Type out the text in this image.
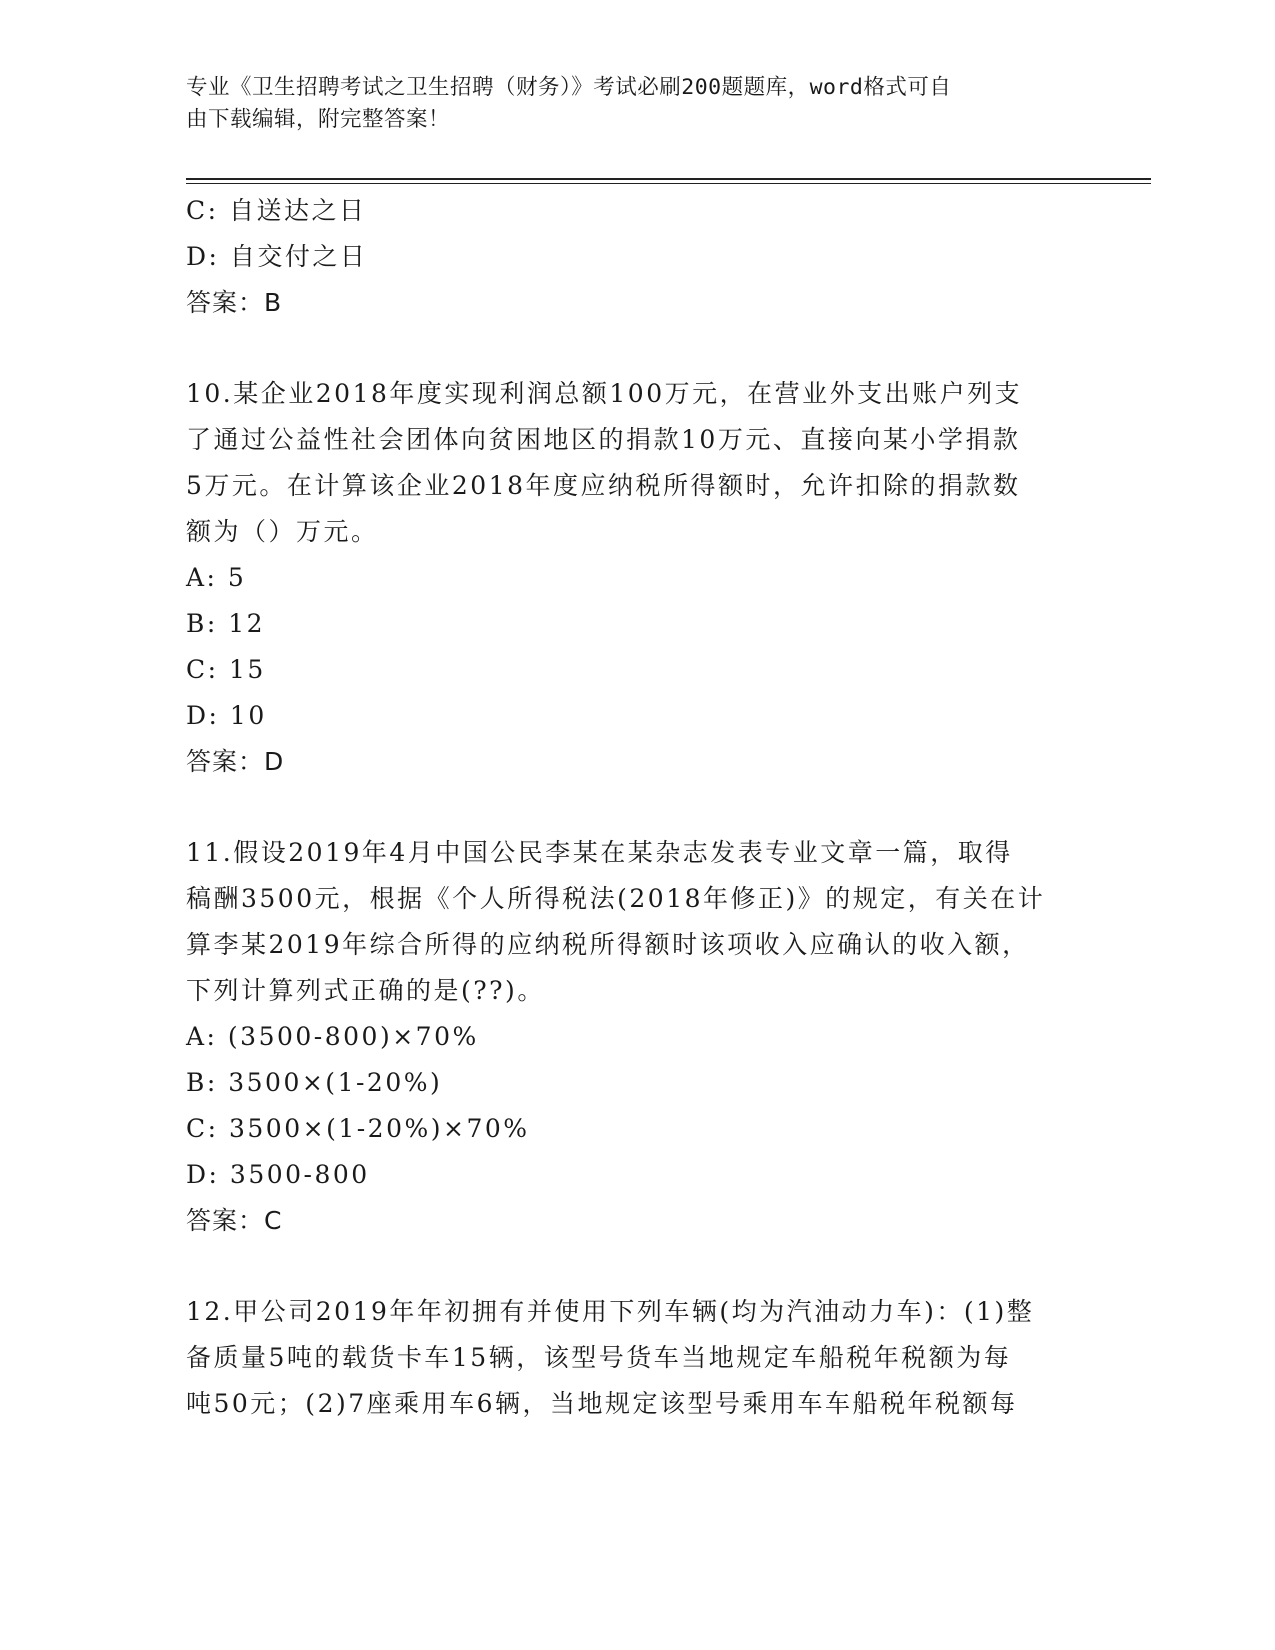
专业《卫生招聘考试之卫生招聘（财务）》考试必刷200题题库，word格式可自
由下载编辑，附完整答案！
C: 自送达之日
D: 自交付之日
答案：B
10.某企业2018年度实现利润总额100万元，在营业外支出账户列支
了通过公益性社会团体向贫困地区的捐款10万元、直接向某小学捐款
5万元。在计算该企业2018年度应纳税所得额时，允许扣除的捐款数
额为（）万元。
A: 5
B: 12
C: 15
D: 10
答案：D
11.假设2019年4月中国公民李某在某杂志发表专业文章一篇，取得
稿酬3500元，根据《个人所得税法(2018年修正)》的规定，有关在计
算李某2019年综合所得的应纳税所得额时该项收入应确认的收入额，
下列计算列式正确的是(??)。
A: (3500-800)×70%
B: 3500×(1-20%)
C: 3500×(1-20%)×70%
D: 3500-800
答案：C
12.甲公司2019年年初拥有并使用下列车辆(均为汽油动力车)：(1)整
备质量5吨的载货卡车15辆，该型号货车当地规定车船税年税额为每
吨50元；(2)7座乘用车6辆，当地规定该型号乘用车车船税年税额每
